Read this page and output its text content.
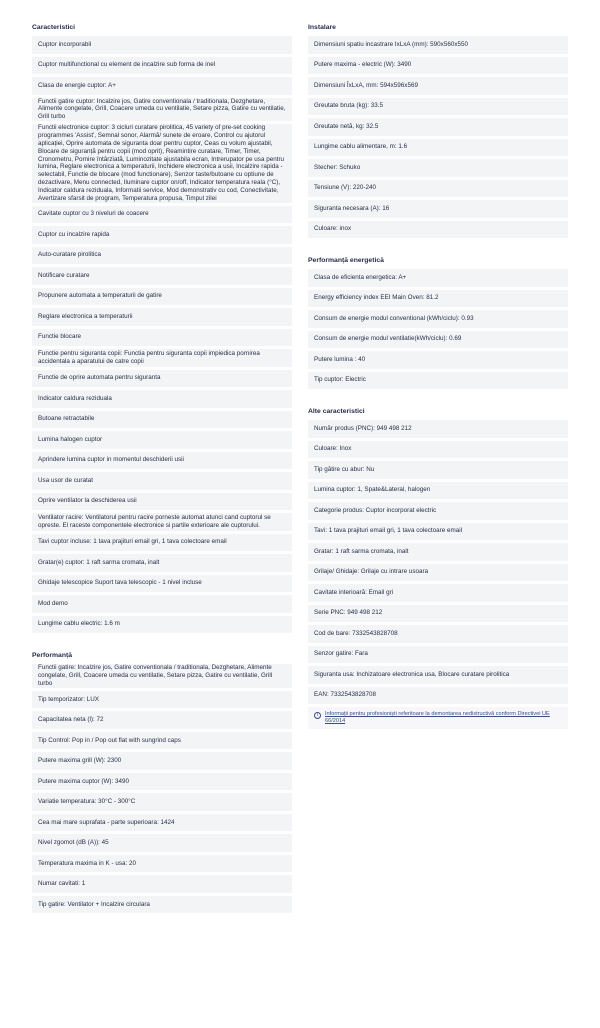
Caracteristici
Cuptor incorporabil
Cuptor multifunctional cu element de incalzire sub forma de inel
Clasa de energie cuptor: A+
Functii gatire cuptor: Incalzire jos, Gatire conventionala / traditionala, Dezghetare, Alimente congelate, Grill, Coacere umeda cu ventilatie, Setare pizza, Gatire cu ventilatie, Grill turbo
Functii electronice cuptor: 3 cicluri curatare pirolitica, 45 variety of pre-set cooking programmes 'Assist', Semnal sonor, Alarmă/ sunete de eroare, Control cu ajutorul aplicației, Oprire automata de siguranta doar pentru cuptor, Ceas cu volum ajustabil, Blocare de siguranță pentru copii (mod oprit), Reamintire curatare, Timer, Timer, Cronometru, Pornire întârziată, Luminozitate ajustabila ecran, Intrerupator pe usa pentru lumina, Reglare electronica a temperaturii, Inchidere electronica a usii, Incalzire rapida - selectabil, Functie de blocare (mod functionare), Senzor taste/butoane cu optiune de dezactivare, Menu connected, Iluminare cuptor on/off, Indicator temperatura reala (°C), Indicator caldura reziduala, Informatii service, Mod demonstrativ cu cod, Conectivitate, Avertizare sfarsit de program, Temperatura propusa, Timpul zilei
Cavitate cuptor cu 3 niveluri de coacere
Cuptor cu incalzire rapida
Auto-curatare pirolitica
Notificare curatare
Propunere automata a temperaturii de gatire
Reglare electronica a temperaturii
Functie blocare
Functie pentru siguranta copii: Functia pentru siguranta copii impiedica pornirea accidentala a aparatului de catre copii
Functie de oprire automata pentru siguranta
Indicator caldura reziduala
Butoane retractabile
Lumina halogen cuptor
Aprindere lumina cuptor in momentul deschiderii usii
Usa usor de curatat
Oprire ventilator la deschiderea usii
Ventilator racire: Ventilatorul pentru racire porneste automat atunci cand cuptorul se opreste. El raceste componentele electronice si partile exterioare ale cuptorului.
Tavi cuptor incluse: 1 tava prajituri email gri, 1 tava colectoare email
Gratar(e) cuptor: 1 raft sarma cromata, inalt
Ghidaje telescopice Suport tava telescopic - 1 nivel incluse
Mod demo
Lungime cablu electric: 1.6 m
Performanță
Functii gatire: Incalzire jos, Gatire conventionala / traditionala, Dezghetare, Alimente congelate, Grill, Coacere umeda cu ventilatie, Setare pizza, Gatire cu ventilatie, Grill turbo
Tip temporizator: LUX
Capacitatea neta (l): 72
Tip Control: Pop in / Pop out flat with sungrind caps
Putere maxima grill (W): 2300
Putere maxima cuptor (W): 3490
Variatie temperatura: 30°C - 300°C
Cea mai mare suprafata - parte superioara: 1424
Nivel zgomot (dB (A)): 45
Temperatura maxima in K - usa: 20
Numar cavitati: 1
Tip gatire: Ventilator + Incalzire circulara
Instalare
Dimensiuni spatiu incastrare IxLxA (mm): 590x560x550
Putere maxima - electric (W): 3490
Dimensiuni ÎxLxA, mm: 594x596x569
Greutate bruta (kg): 33.5
Greutate netă, kg: 32.5
Lungime cablu alimentare, m: 1.6
Stecher: Schuko
Tensiune (V): 220-240
Siguranta necesara (A): 16
Culoare: inox
Performanță energetică
Clasa de eficienta energetica: A+
Energy efficiency index EEI Main Oven: 81.2
Consum de energie modul conventional (kWh/ciclu): 0.93
Consum de energie modul ventilatie(kWh/ciclu): 0.69
Putere lumina : 40
Tip cuptor: Electric
Alte caracteristici
Număr produs (PNC): 949 498 212
Culoare: Inox
Tip gătire cu abur: Nu
Lumina cuptor: 1, Spate&Lateral, halogen
Categorie produs: Cuptor incorporat electric
Tavi: 1 tava prajituri email gri, 1 tava colectoare email
Gratar: 1 raft sarma cromata, inalt
Grilaje/ Ghidaje: Grilaje cu intrare usoara
Cavitate interioară: Email gri
Serie PNC: 949 498 212
Cod de bare: 7332543828708
Senzor gatire: Fara
Siguranta usa: Inchizatoare electronica usa, Blocare curatare pirolitica
EAN: 7332543828708
i	Informații pentru profesioniști referitoare la demontarea nedistructivă conform Directivei UE 66/2014
